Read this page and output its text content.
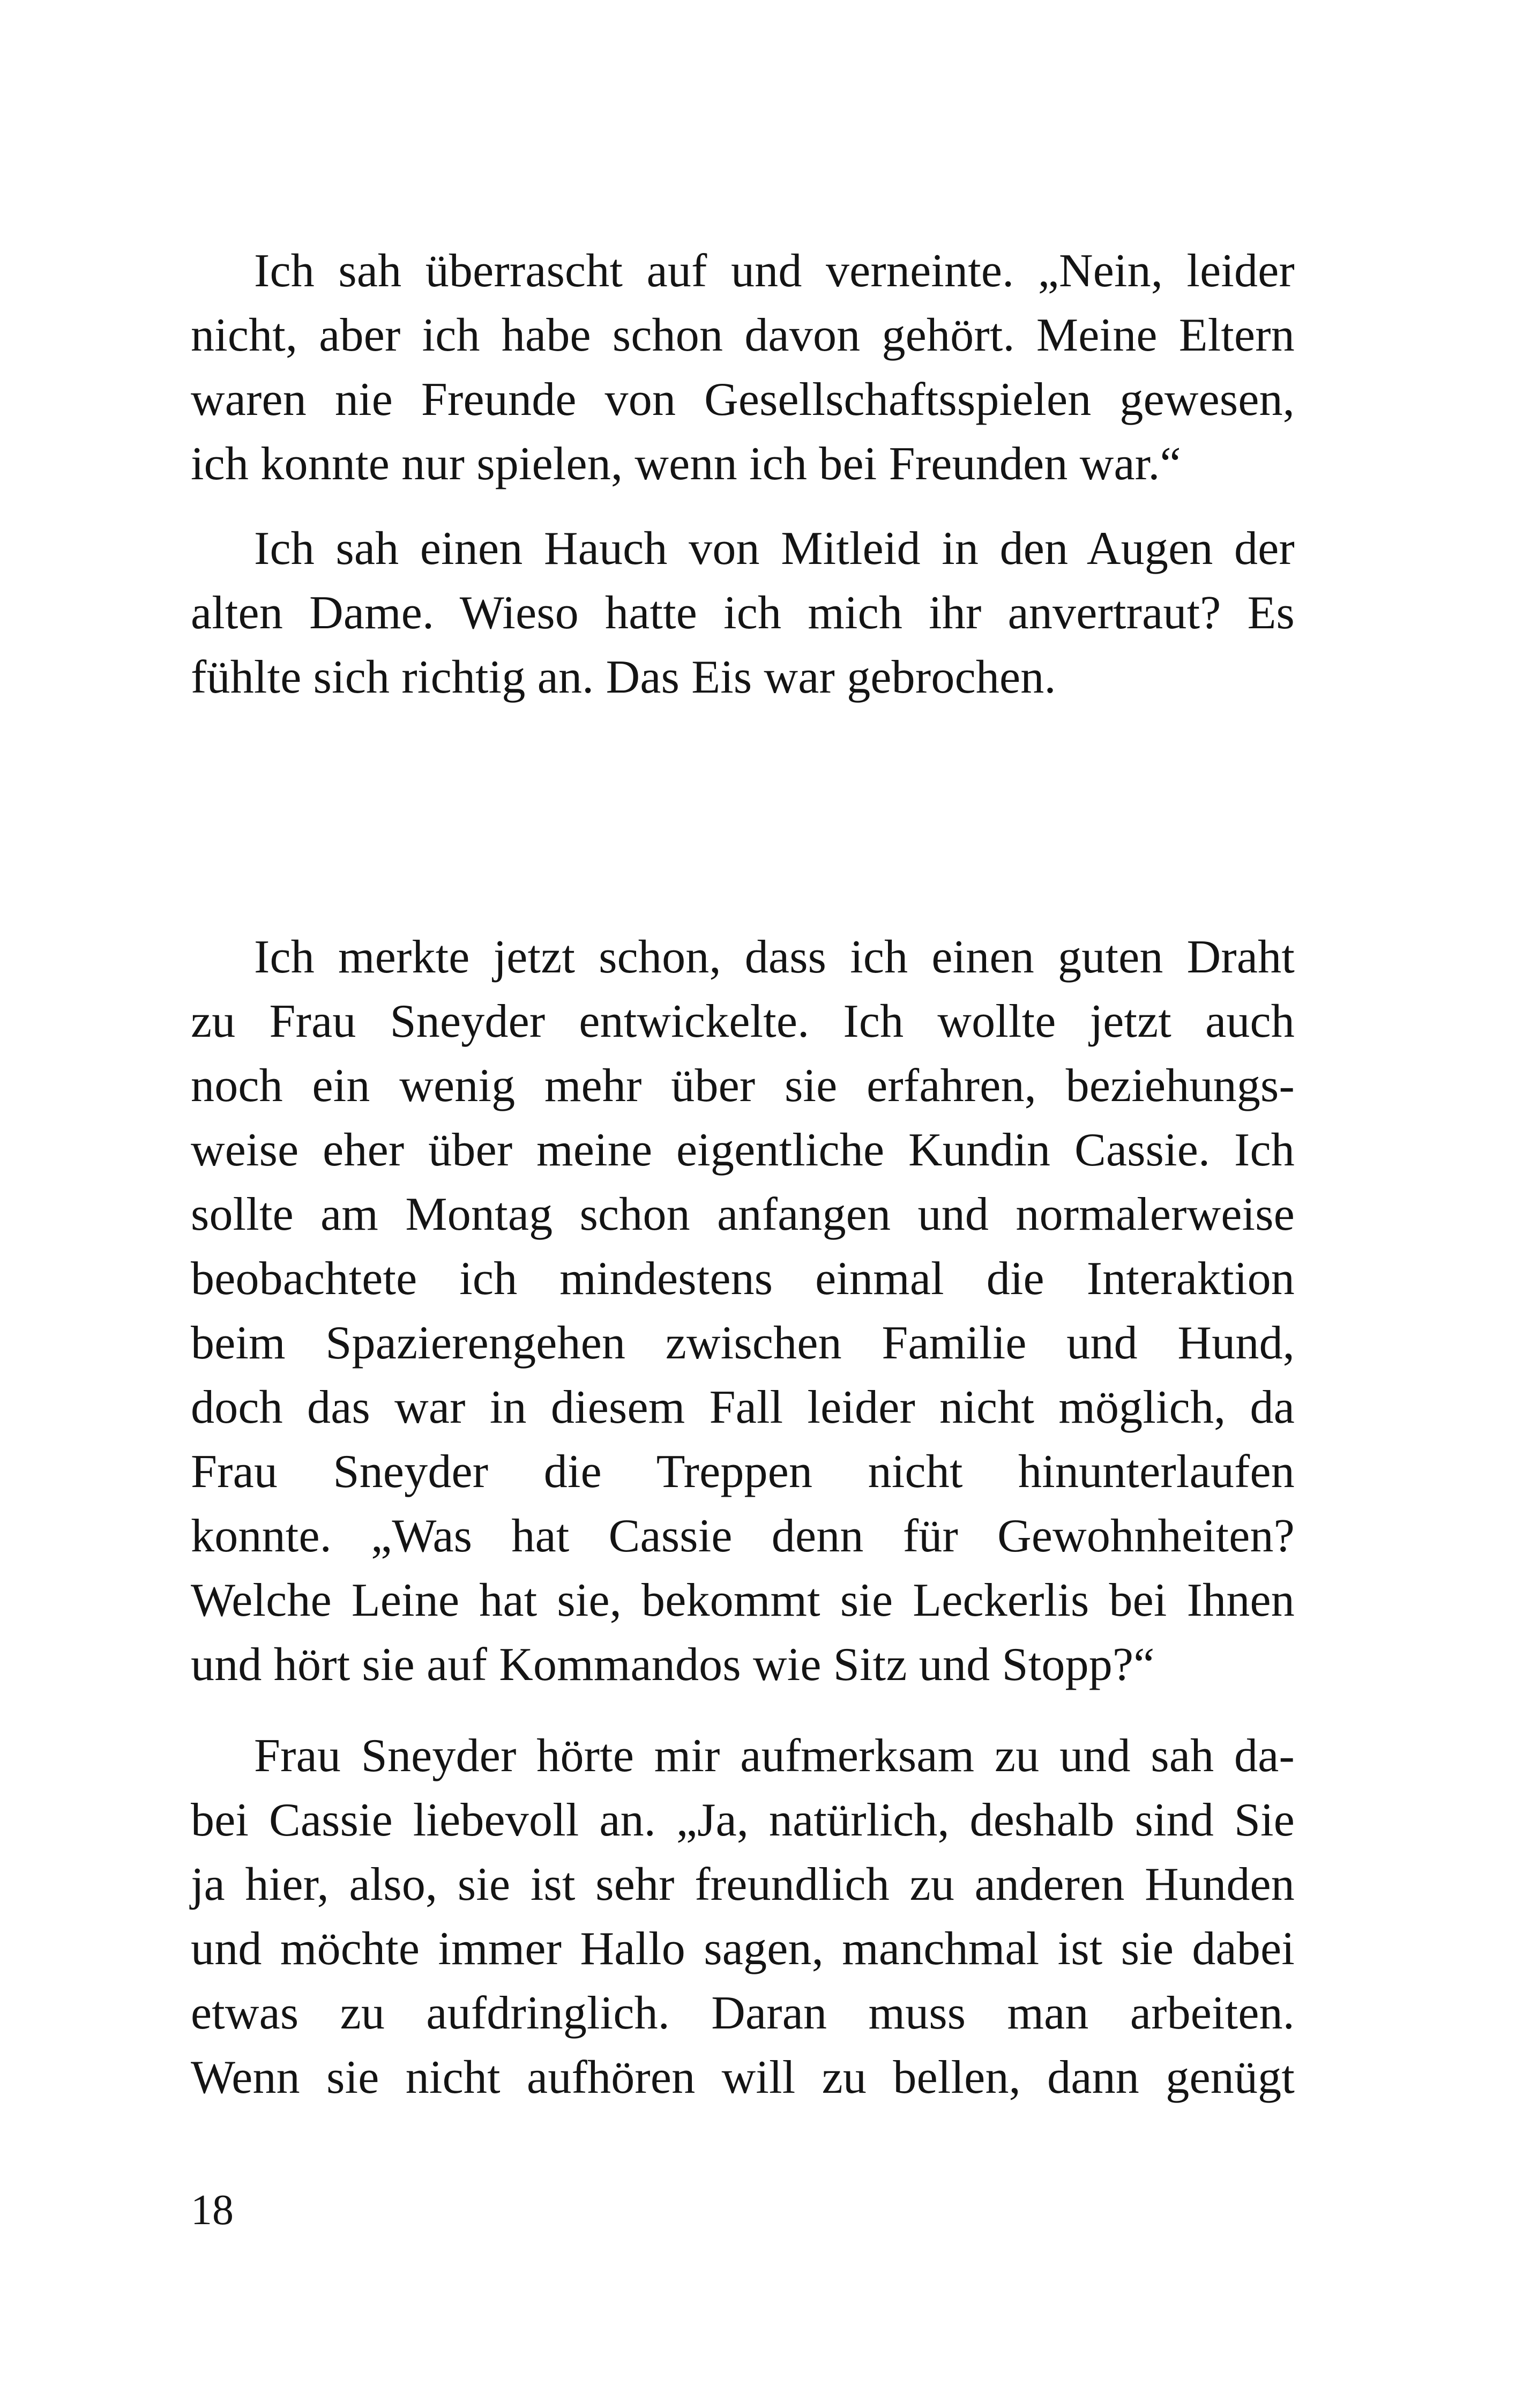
Ich sah überrascht auf und verneinte. „Nein, leider
nicht, aber ich habe schon davon gehört. Meine Eltern
waren nie Freunde von Gesellschaftsspielen gewesen,
ich konnte nur spielen, wenn ich bei Freunden war.“

Ich sah einen Hauch von Mitleid in den Augen der
alten Dame. Wieso hatte ich mich ihr anvertraut? Es
fühlte sich richtig an. Das Eis war gebrochen.

Ich merkte jetzt schon, dass ich einen guten Draht
zu Frau Sneyder entwickelte. Ich wollte jetzt auch
noch ein wenig mehr über sie erfahren, beziehungs-
weise eher über meine eigentliche Kundin Cassie. Ich
sollte am Montag schon anfangen und normalerweise
beobachtete ich mindestens einmal die Interaktion
beim Spazierengehen zwischen Familie und Hund,
doch das war in diesem Fall leider nicht möglich, da
Frau Sneyder die Treppen nicht hinunterlaufen
konnte. „Was hat Cassie denn für Gewohnheiten?
Welche Leine hat sie, bekommt sie Leckerlis bei Ihnen
und hört sie auf Kommandos wie Sitz und Stopp?“

Frau Sneyder hörte mir aufmerksam zu und sah da-
bei Cassie liebevoll an. „Ja, natürlich, deshalb sind Sie
ja hier, also, sie ist sehr freundlich zu anderen Hunden
und möchte immer Hallo sagen, manchmal ist sie dabei
etwas zu aufdringlich. Daran muss man arbeiten.
Wenn sie nicht aufhören will zu bellen, dann genügt

18
